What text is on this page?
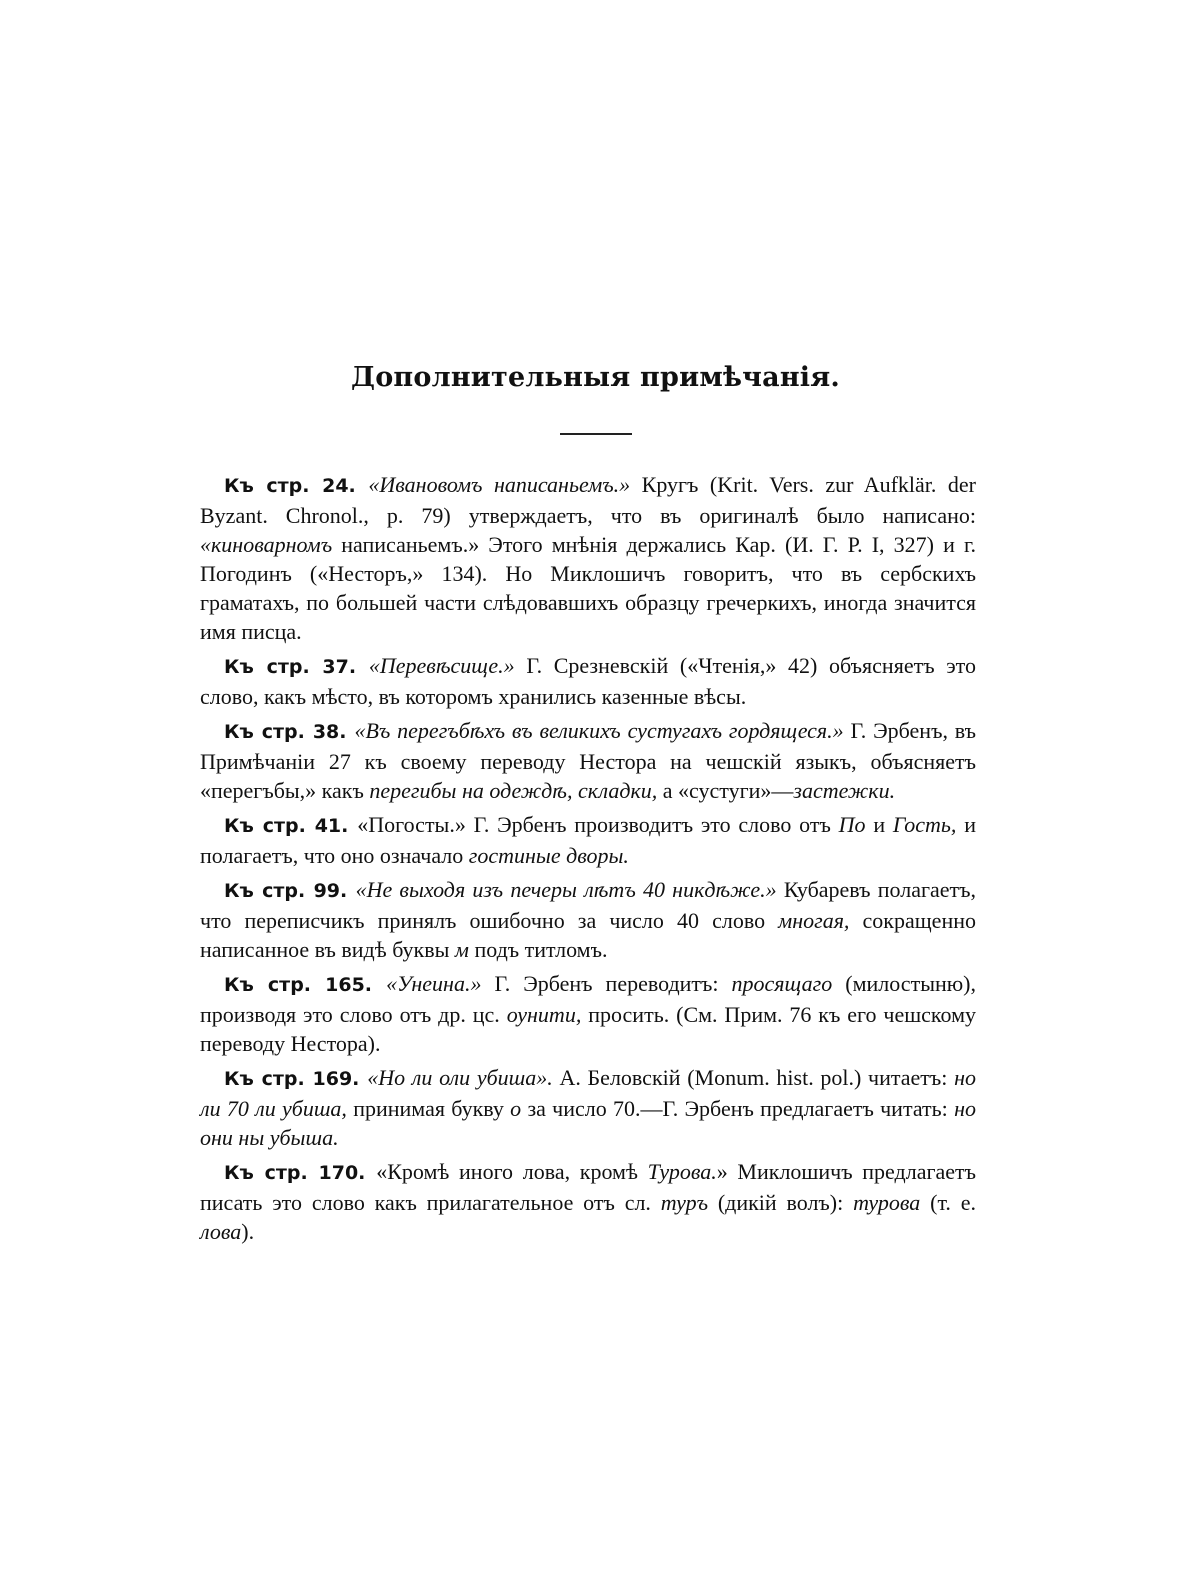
Дополнительныя примѣчанія.

Къ стр. 24. «Ивановомъ написаньемъ.» Кругъ (Krit. Vers. zur Aufklär. der Byzant. Chronol., p. 79) утверждаетъ, что въ оригиналѣ было написано: «киноварномъ написаньемъ.» Этого мнѣнія держались Кар. (И. Г. Р. I, 327) и г. Погодинъ («Несторъ,» 134). Но Миклошичъ говоритъ, что въ сербскихъ граматахъ, по большей части слѣдовавшихъ образцу гречеркихъ, иногда значится имя писца.

Къ стр. 37. «Перевѣсище.» Г. Срезневскій («Чтенія,» 42) объясняетъ это слово, какъ мѣсто, въ которомъ хранились казенные вѣсы.

Къ стр. 38. «Въ перегъбѣхъ въ великихъ сустугахъ гордящеся.» Г. Эрбенъ, въ Примѣчаніи 27 къ своему переводу Нестора на чешскій языкъ, объясняетъ «перегъбы,» какъ перегибы на одеждѣ, складки, а «сустуги»—застежки.

Къ стр. 41. «Погосты.» Г. Эрбенъ производитъ это слово отъ По и Гость, и полагаетъ, что оно означало гостиные дворы.

Къ стр. 99. «Не выходя изъ печеры лѣтъ 40 никдѣже.» Кубаревъ полагаетъ, что переписчикъ принялъ ошибочно за число 40 слово многая, сокращенно написанное въ видѣ буквы м подъ титломъ.

Къ стр. 165. «Унеина.» Г. Эрбенъ переводитъ: просящаго (милостыню), производя это слово отъ др. цс. оунити, просить. (См. Прим. 76 къ его чешскому переводу Нестора).

Къ стр. 169. «Но ли оли убиша». А. Беловскій (Monum. hist. pol.) читаетъ: но ли 70 ли убиша, принимая букву о за число 70.—Г. Эрбенъ предлагаетъ читать: но они ны убыша.

Къ стр. 170. «Кромѣ иного лова, кромѣ Турова.» Миклошичъ предлагаетъ писать это слово какъ прилагательное отъ сл. туръ (дикій волъ): турова (т. е. лова).
